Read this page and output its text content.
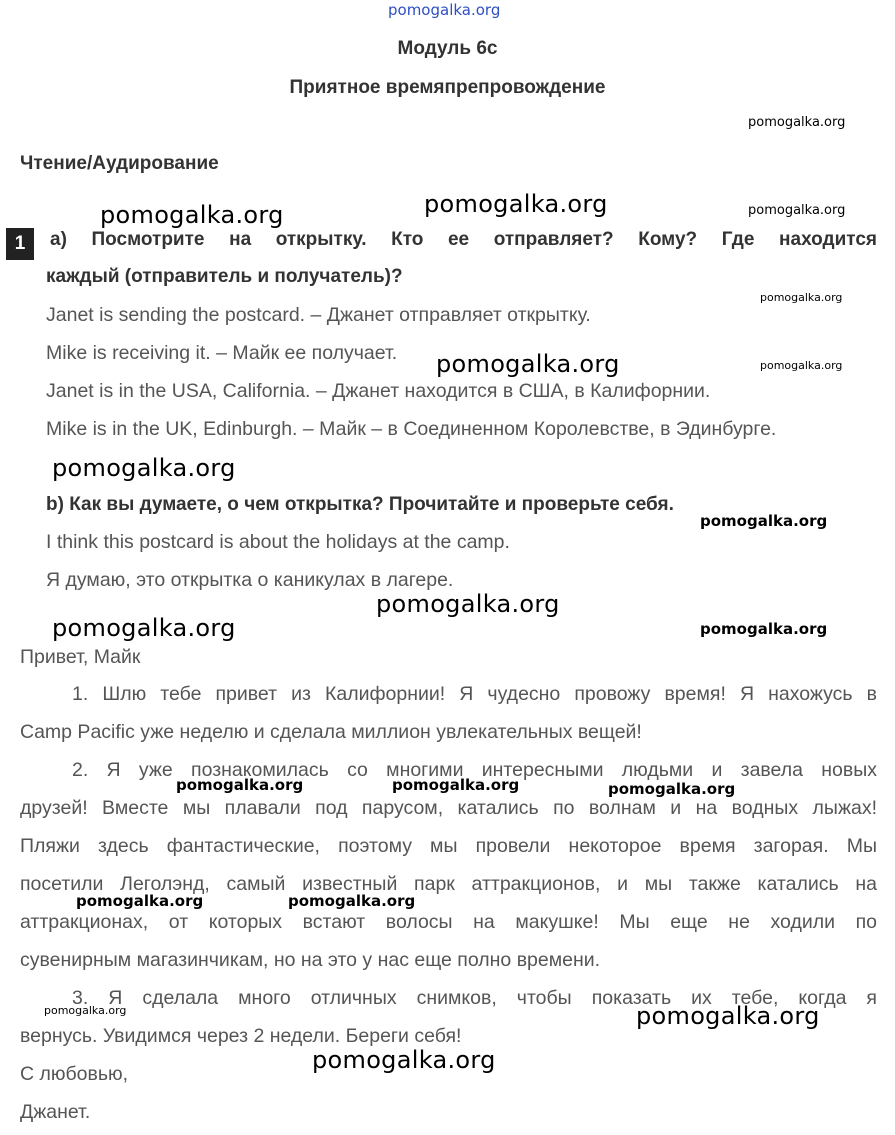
pomogalka.org
Модуль 6с
Приятное времяпрепровождение
pomogalka.org
Чтение/Аудирование
pomogalka.org	pomogalka.org	pomogalka.org
1	а) Посмотрите на открытку. Кто ее отправляет? Кому? Где находится
каждый (отправитель и получатель)?
pomogalka.org
Janet is sending the postcard. – Джанет отправляет открытку.
Mike is receiving it. – Майк ее получает. pomogalka.org	pomogalka.org
Janet is in the USA, California. – Джанет находится в США, в Калифорнии.
Mike is in the UK, Edinburgh. – Майк – в Соединенном Королевстве, в Эдинбурге.
pomogalka.org
b) Как вы думаете, о чем открытка? Прочитайте и проверьте себя.
pomogalka.org
I think this postcard is about the holidays at the camp.
Я думаю, это открытка о каникулах в лагере.
pomogalka.org
pomogalka.org	pomogalka.org
Привет, Майк
1. Шлю тебе привет из Калифорнии! Я чудесно провожу время! Я нахожусь в
Camp Pacific уже неделю и сделала миллион увлекательных вещей!
2. Я уже познакомилась со многими интересными людьми и завела новых
pomogalka.org	pomogalka.org	pomogalka.org
друзей! Вместе мы плавали под парусом, катались по волнам и на водных лыжах!
Пляжи здесь фантастические, поэтому мы провели некоторое время загорая. Мы
посетили Леголэнд, самый известный парк аттракционов, и мы также катались на
pomogalka.org	pomogalka.org
аттракционах, от которых встают волосы на макушке! Мы еще не ходили по
сувенирным магазинчикам, но на это у нас еще полно времени.
3. Я сделала много отличных снимков, чтобы показать их тебе, когда я
pomogalka.org	pomogalka.org
вернусь. Увидимся через 2 недели. Береги себя!
pomogalka.org
С любовью,
Джанет.
